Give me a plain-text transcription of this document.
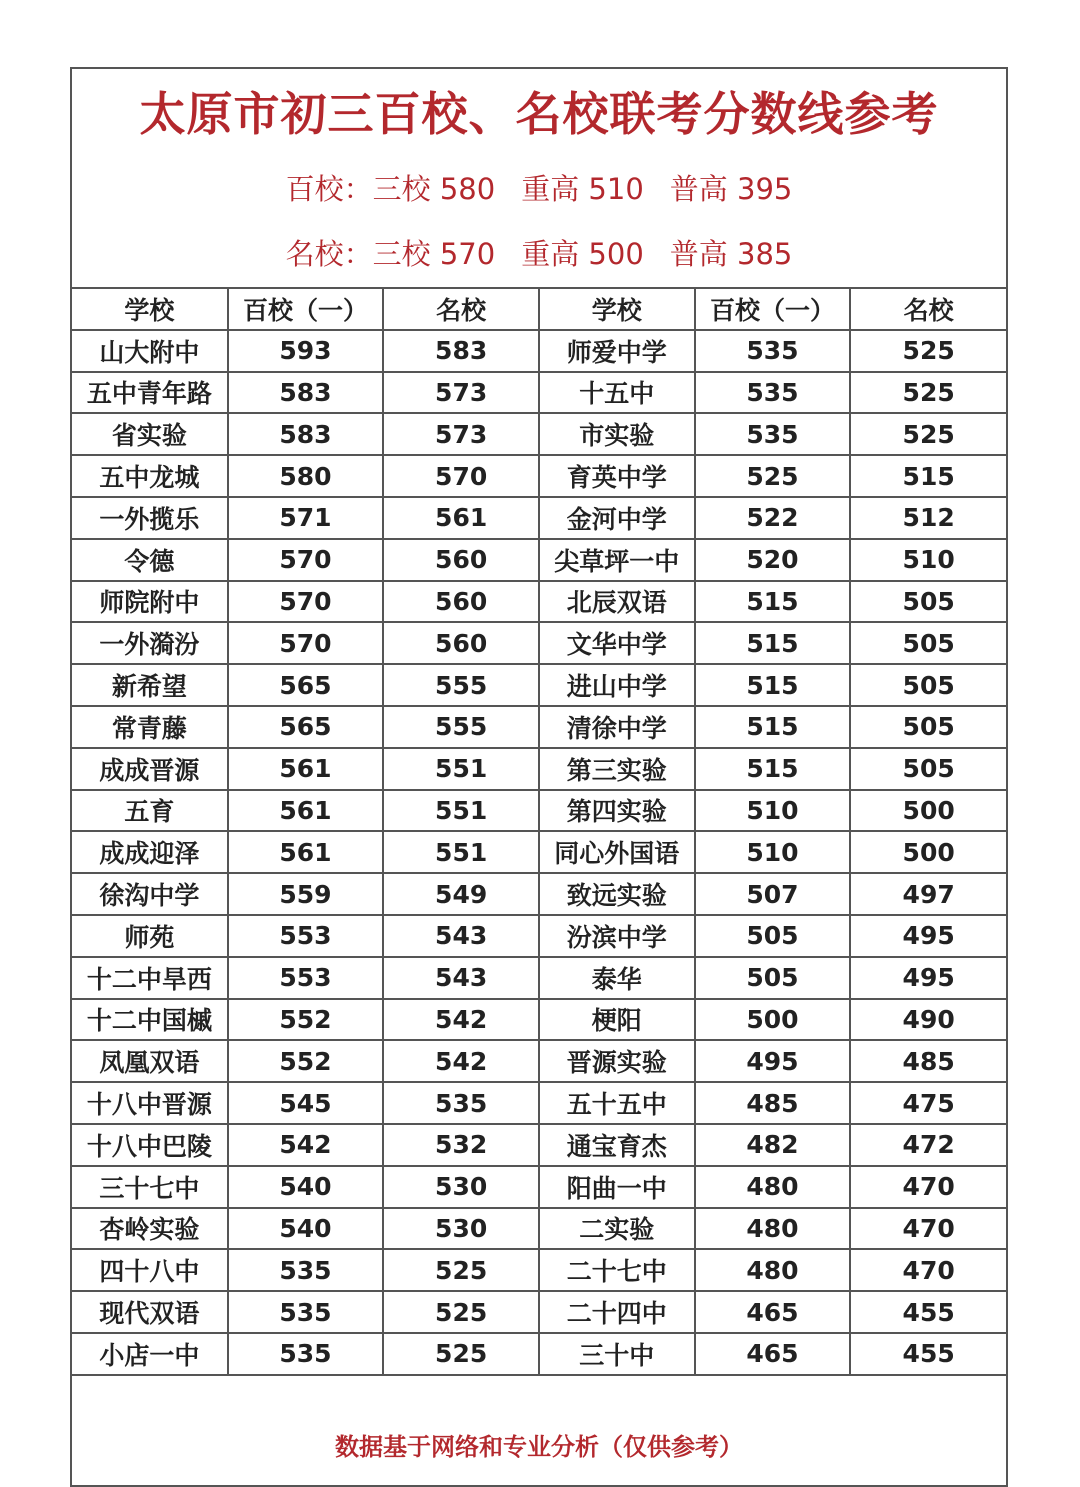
太原市初三百校、名校联考分数线参考
百校：三校 580 重高 510 普高 395
名校：三校 570 重高 500 普高 385
学校	百校（一）	名校	学校	百校（一）	名校
山大附中	593	583	师爱中学	535	525
五中青年路	583	573	十五中	535	525
省实验	583	573	市实验	535	525
五中龙城	580	570	育英中学	525	515
一外揽乐	571	561	金河中学	522	512
令德	570	560	尖草坪一中	520	510
师院附中	570	560	北辰双语	515	505
一外漪汾	570	560	文华中学	515	505
新希望	565	555	进山中学	515	505
常青藤	565	555	清徐中学	515	505
成成晋源	561	551	第三实验	515	505
五育	561	551	第四实验	510	500
成成迎泽	561	551	同心外国语	510	500
徐沟中学	559	549	致远实验	507	497
师苑	553	543	汾滨中学	505	495
十二中旱西	553	543	泰华	505	495
十二中国槭	552	542	梗阳	500	490
凤凰双语	552	542	晋源实验	495	485
十八中晋源	545	535	五十五中	485	475
十八中巴陵	542	532	通宝育杰	482	472
三十七中	540	530	阳曲一中	480	470
杏岭实验	540	530	二实验	480	470
四十八中	535	525	二十七中	480	470
现代双语	535	525	二十四中	465	455
小店一中	535	525	三十中	465	455
数据基于网络和专业分析（仅供参考）
